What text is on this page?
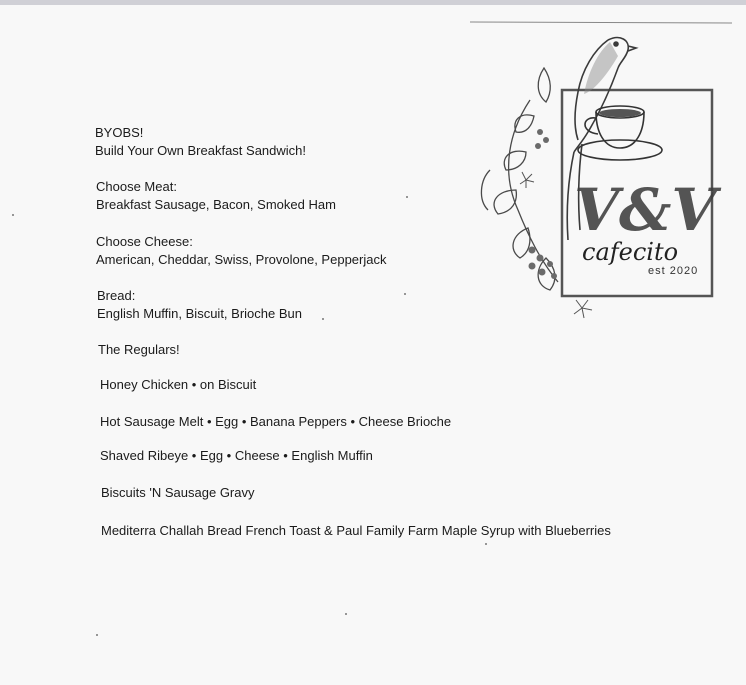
BYOBS!
Build Your Own Breakfast Sandwich!
Choose Meat:
Breakfast Sausage, Bacon, Smoked Ham
Choose Cheese:
American, Cheddar, Swiss, Provolone, Pepperjack
Bread:
English Muffin, Biscuit, Brioche Bun
The Regulars!
Honey Chicken • on Biscuit
Hot Sausage Melt • Egg • Banana Peppers • Cheese Brioche
Shaved Ribeye • Egg • Cheese • English Muffin
Biscuits 'N Sausage Gravy
Mediterra Challah Bread French Toast & Paul Family Farm Maple Syrup with Blueberries
V&V
cafecito
est 2020
